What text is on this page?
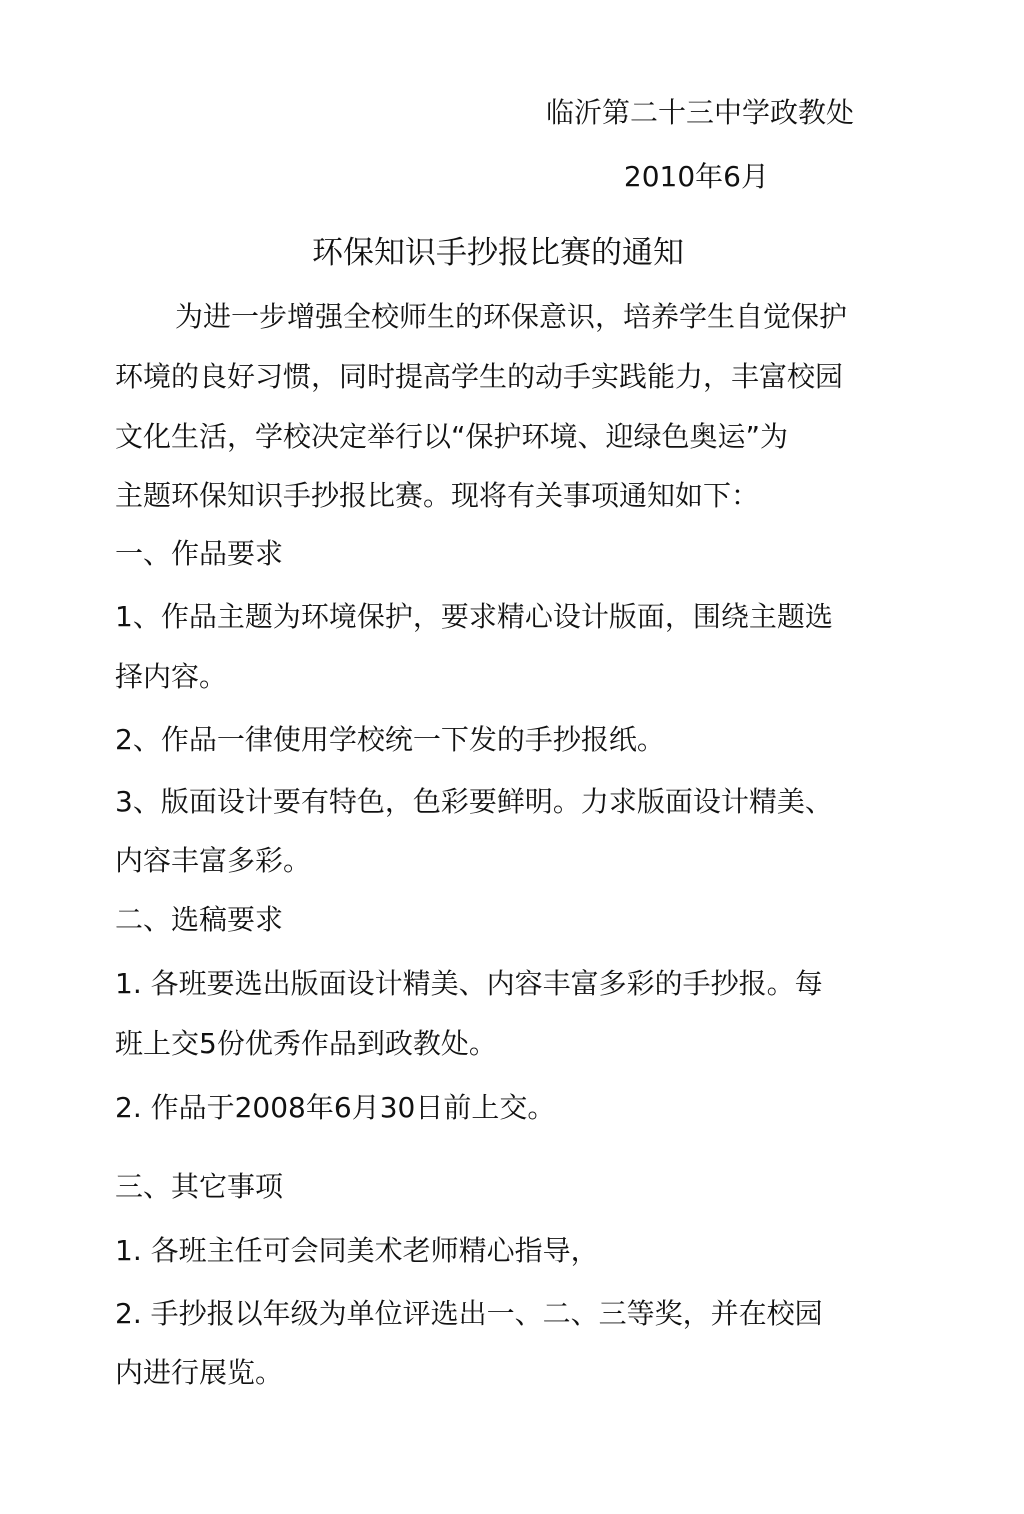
临沂第二十三中学政教处
2010年6月
环保知识手抄报比赛的通知
为进一步增强全校师生的环保意识，培养学生自觉保护
环境的良好习惯，同时提高学生的动手实践能力，丰富校园
文化生活，学校决定举行以“保护环境、迎绿色奥运”为
主题环保知识手抄报比赛。现将有关事项通知如下：
一、作品要求
1、作品主题为环境保护，要求精心设计版面，围绕主题选
择内容。
2、作品一律使用学校统一下发的手抄报纸。
3、版面设计要有特色，色彩要鲜明。力求版面设计精美、
内容丰富多彩。
二、选稿要求
1. 各班要选出版面设计精美、内容丰富多彩的手抄报。每
班上交5份优秀作品到政教处。
2. 作品于2008年6月30日前上交。
三、其它事项
1. 各班主任可会同美术老师精心指导，
2. 手抄报以年级为单位评选出一、二、三等奖，并在校园
内进行展览。
